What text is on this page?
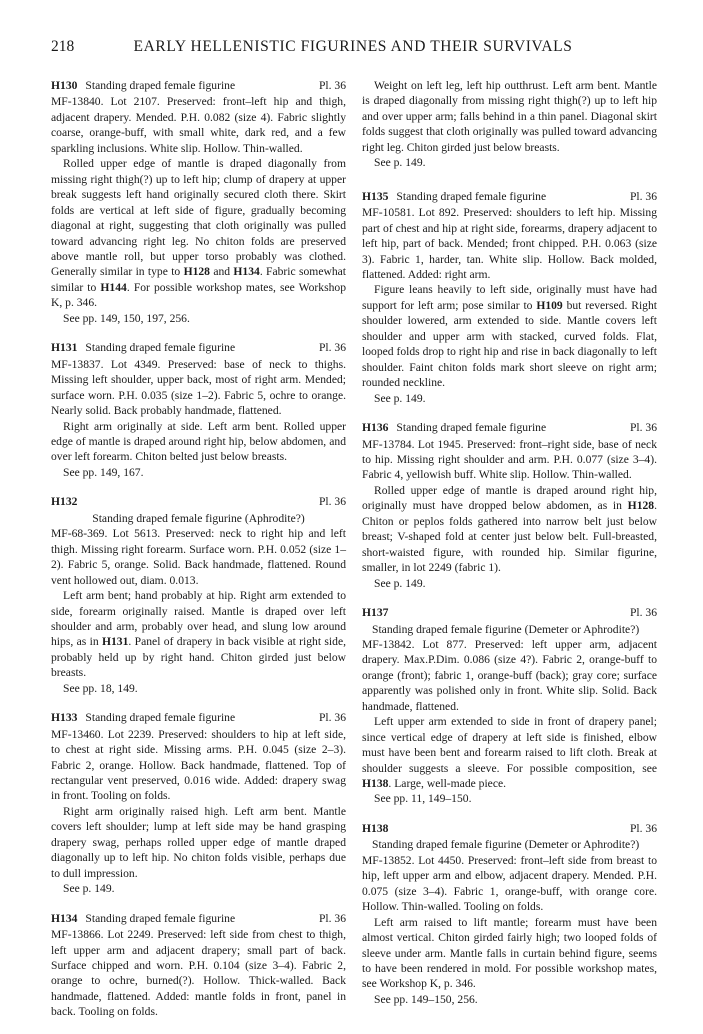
218	EARLY HELLENISTIC FIGURINES AND THEIR SURVIVALS
H130 Standing draped female figurine	Pl. 36

MF-13840. Lot 2107. Preserved: front–left hip and thigh, adjacent drapery. Mended. P.H. 0.082 (size 4). Fabric slightly coarse, orange-buff, with small white, dark red, and a few sparkling inclusions. White slip. Hollow. Thin-walled.

Rolled upper edge of mantle is draped diagonally from missing right thigh(?) up to left hip; clump of drapery at upper break suggests left hand originally secured cloth there. Skirt folds are vertical at left side of figure, gradually becoming diagonal at right, suggesting that cloth originally was pulled toward advancing right leg. No chiton folds are preserved above mantle roll, but upper torso probably was clothed. Generally similar in type to H128 and H134. Fabric somewhat similar to H144. For possible workshop mates, see Workshop K, p. 346.

See pp. 149, 150, 197, 256.

H131 Standing draped female figurine	Pl. 36

MF-13837. Lot 4349. Preserved: base of neck to thighs. Missing left shoulder, upper back, most of right arm. Mended; surface worn. P.H. 0.035 (size 1–2). Fabric 5, ochre to orange. Nearly solid. Back probably handmade, flattened.

Right arm originally at side. Left arm bent. Rolled upper edge of mantle is draped around right hip, below abdomen, and over left forearm. Chiton belted just below breasts.

See pp. 149, 167.

H132	Pl. 36
Standing draped female figurine (Aphrodite?)

MF-68-369. Lot 5613. Preserved: neck to right hip and left thigh. Missing right forearm. Surface worn. P.H. 0.052 (size 1–2). Fabric 5, orange. Solid. Back handmade, flattened. Round vent hollowed out, diam. 0.013.

Left arm bent; hand probably at hip. Right arm extended to side, forearm originally raised. Mantle is draped over left shoulder and arm, probably over head, and slung low around hips, as in H131. Panel of drapery in back visible at right side, probably held up by right hand. Chiton girded just below breasts.

See pp. 18, 149.

H133 Standing draped female figurine	Pl. 36

MF-13460. Lot 2239. Preserved: shoulders to hip at left side, to chest at right side. Missing arms. P.H. 0.045 (size 2–3). Fabric 2, orange. Hollow. Back handmade, flattened. Top of rectangular vent preserved, 0.016 wide. Added: drapery swag in front. Tooling on folds.

Right arm originally raised high. Left arm bent. Mantle covers left shoulder; lump at left side may be hand grasping drapery swag, perhaps rolled upper edge of mantle draped diagonally up to left hip. No chiton folds visible, perhaps due to dull impression.

See p. 149.

H134 Standing draped female figurine	Pl. 36

MF-13866. Lot 2249. Preserved: left side from chest to thigh, left upper arm and adjacent drapery; small part of back. Surface chipped and worn. P.H. 0.104 (size 3–4). Fabric 2, orange to ochre, burned(?). Hollow. Thick-walled. Back handmade, flattened. Added: mantle folds in front, panel in back. Tooling on folds.

Weight on left leg, left hip outthrust. Left arm bent. Mantle is draped diagonally from missing right thigh(?) up to left hip and over upper arm; falls behind in a thin panel. Diagonal skirt folds suggest that cloth originally was pulled toward advancing right leg. Chiton girded just below breasts.

See p. 149.

H135 Standing draped female figurine	Pl. 36

MF-10581. Lot 892. Preserved: shoulders to left hip. Missing part of chest and hip at right side, forearms, drapery adjacent to left hip, part of back. Mended; front chipped. P.H. 0.063 (size 3). Fabric 1, harder, tan. White slip. Hollow. Back molded, flattened. Added: right arm.

Figure leans heavily to left side, originally must have had support for left arm; pose similar to H109 but reversed. Right shoulder lowered, arm extended to side. Mantle covers left shoulder and upper arm with stacked, curved folds. Flat, looped folds drop to right hip and rise in back diagonally to left shoulder. Faint chiton folds mark short sleeve on right arm; rounded neckline.

See p. 149.

H136 Standing draped female figurine	Pl. 36

MF-13784. Lot 1945. Preserved: front–right side, base of neck to hip. Missing right shoulder and arm. P.H. 0.077 (size 3–4). Fabric 4, yellowish buff. White slip. Hollow. Thin-walled.

Rolled upper edge of mantle is draped around right hip, originally must have dropped below abdomen, as in H128. Chiton or peplos folds gathered into narrow belt just below breast; V-shaped fold at center just below belt. Full-breasted, short-waisted figure, with rounded hip. Similar figurine, smaller, in lot 2249 (fabric 1).

See p. 149.

H137	Pl. 36
Standing draped female figurine (Demeter or Aphrodite?)

MF-13842. Lot 877. Preserved: left upper arm, adjacent drapery. Max.P.Dim. 0.086 (size 4?). Fabric 2, orange-buff to orange (front); fabric 1, orange-buff (back); gray core; surface apparently was polished only in front. White slip. Solid. Back handmade, flattened.

Left upper arm extended to side in front of drapery panel; since vertical edge of drapery at left side is finished, elbow must have been bent and forearm raised to lift cloth. Break at shoulder suggests a sleeve. For possible composition, see H138. Large, well-made piece.

See pp. 11, 149–150.

H138	Pl. 36
Standing draped female figurine (Demeter or Aphrodite?)

MF-13852. Lot 4450. Preserved: front–left side from breast to hip, left upper arm and elbow, adjacent drapery. Mended. P.H. 0.075 (size 3–4). Fabric 1, orange-buff, with orange core. Hollow. Thin-walled. Tooling on folds.

Left arm raised to lift mantle; forearm must have been almost vertical. Chiton girded fairly high; two looped folds of sleeve under arm. Mantle falls in curtain behind figure, seems to have been rendered in mold. For possible workshop mates, see Workshop K, p. 346.

See pp. 149–150, 256.
